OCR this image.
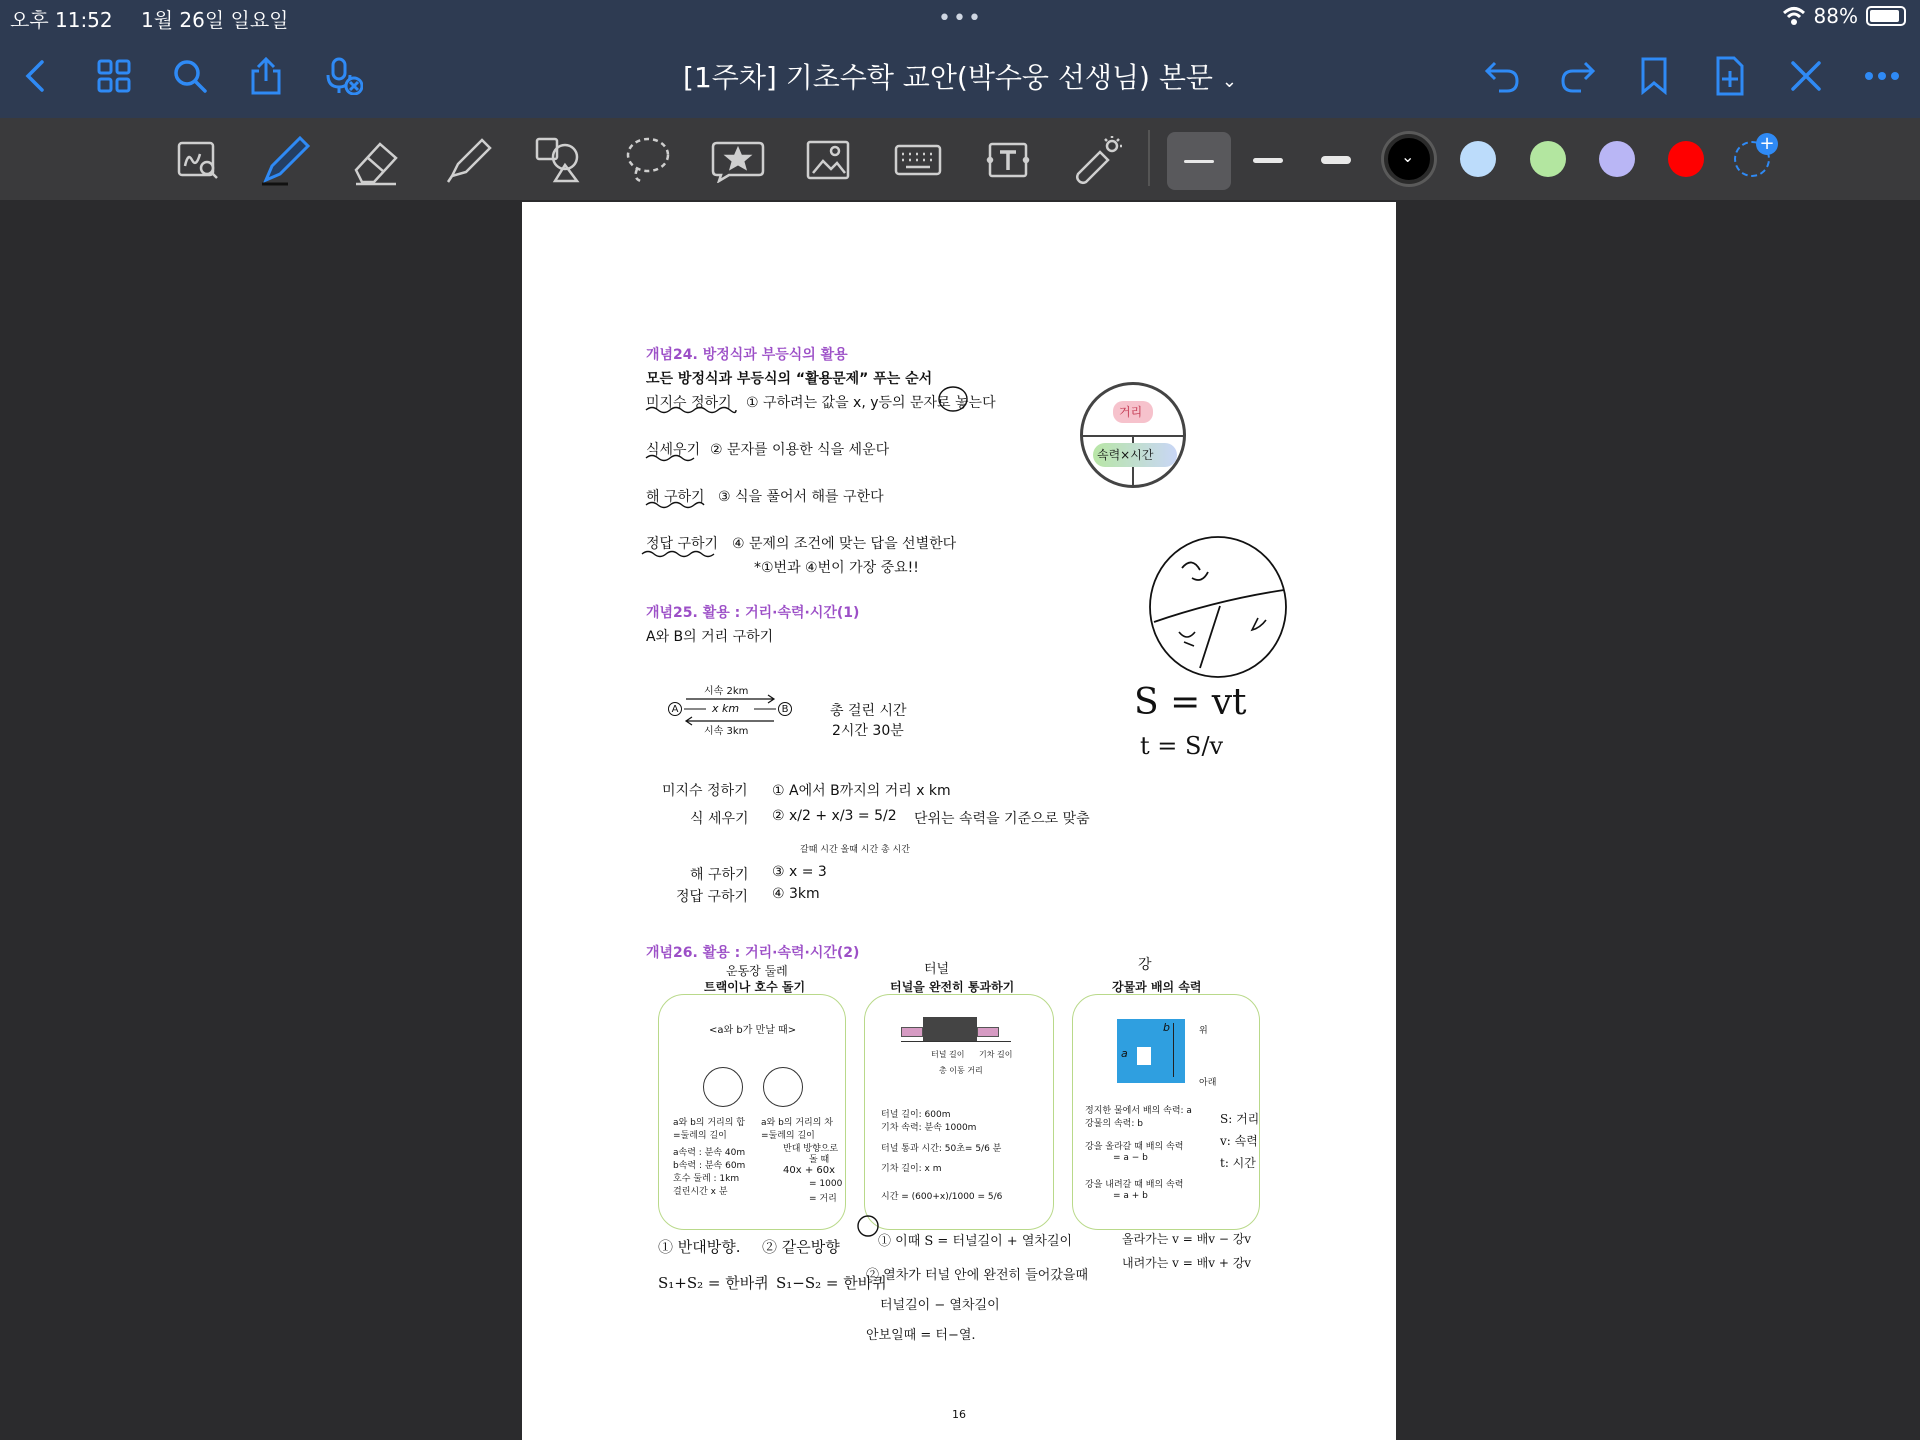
오후 11:52 1월 26일 일요일	•••	88%
[1주차] 기초수학 교안(박수웅 선생님) 본문 ⌄
⌄
+
개념24. 방정식과 부등식의 활용
모든 방정식과 부등식의 “활용문제” 푸는 순서
미지수 정하기 ① 구하려는 값을 x, y등의 문자로 놓는다
식세우기 ② 문자를 이용한 식을 세운다
해 구하기 ③ 식을 풀어서 해를 구한다
정답 구하기 ④ 문제의 조건에 맞는 답을 선별한다
*①번과 ④번이 가장 중요!!
거리
속력×시간
개념25. 활용 : 거리·속력·시간(1)
A와 B의 거리 구하기
시속 2km
x km
시속 3km
A	B	총 걸린 시간
2시간 30분
미지수 정하기 ① A에서 B까지의 거리 x km
식 세우기 ② x/2 + x/3 = 5/2 단위는 속력을 기준으로 맞춤
갈때 시간 올때 시간 총 시간
해 구하기 ③ x = 3
정답 구하기 ④ 3km
개념26. 활용 : 거리·속력·시간(2)
트랙이나 호수 돌기	터널을 완전히 통과하기	강물과 배의 속력
<a와 b가 만날 때>
a와 b의 거리의 합
=둘레의 길이
a속력 : 분속 40m
b속력 : 분속 60m
호수 둘레 : 1km
걸린시간 x 분
a와 b의 거리의 차
=둘레의 길이
반대 방향으로
돌 때
40x + 60x
= 1000
= 거리
터널 길이 기차 길이
총 이동 거리
터널 길이: 600m
기차 속력: 분속 1000m
터널 통과 시간: 50초= 5/6 분
기차 길이: x m
시간 = (600+x)/1000 = 5/6
a
b	위
아래
정지한 물에서 배의 속력: a
강물의 속력: b
강을 올라갈 때 배의 속력
= a − b
강을 내려갈 때 배의 속력
= a + b
S = vt
t = S/v
S: 거리
v: 속력
t: 시간
운동장 둘레	터널	강
① 반대방향. ② 같은방향
S₁+S₂ = 한바퀴 S₁−S₂ = 한바퀴
① 이때 S = 터널길이 + 열차길이
② 열차가 터널 안에 완전히 들어갔을때
터널길이 − 열차길이
안보일때 = 터−열.
올라가는 v = 배v − 강v
내려가는 v = 배v + 강v
16
